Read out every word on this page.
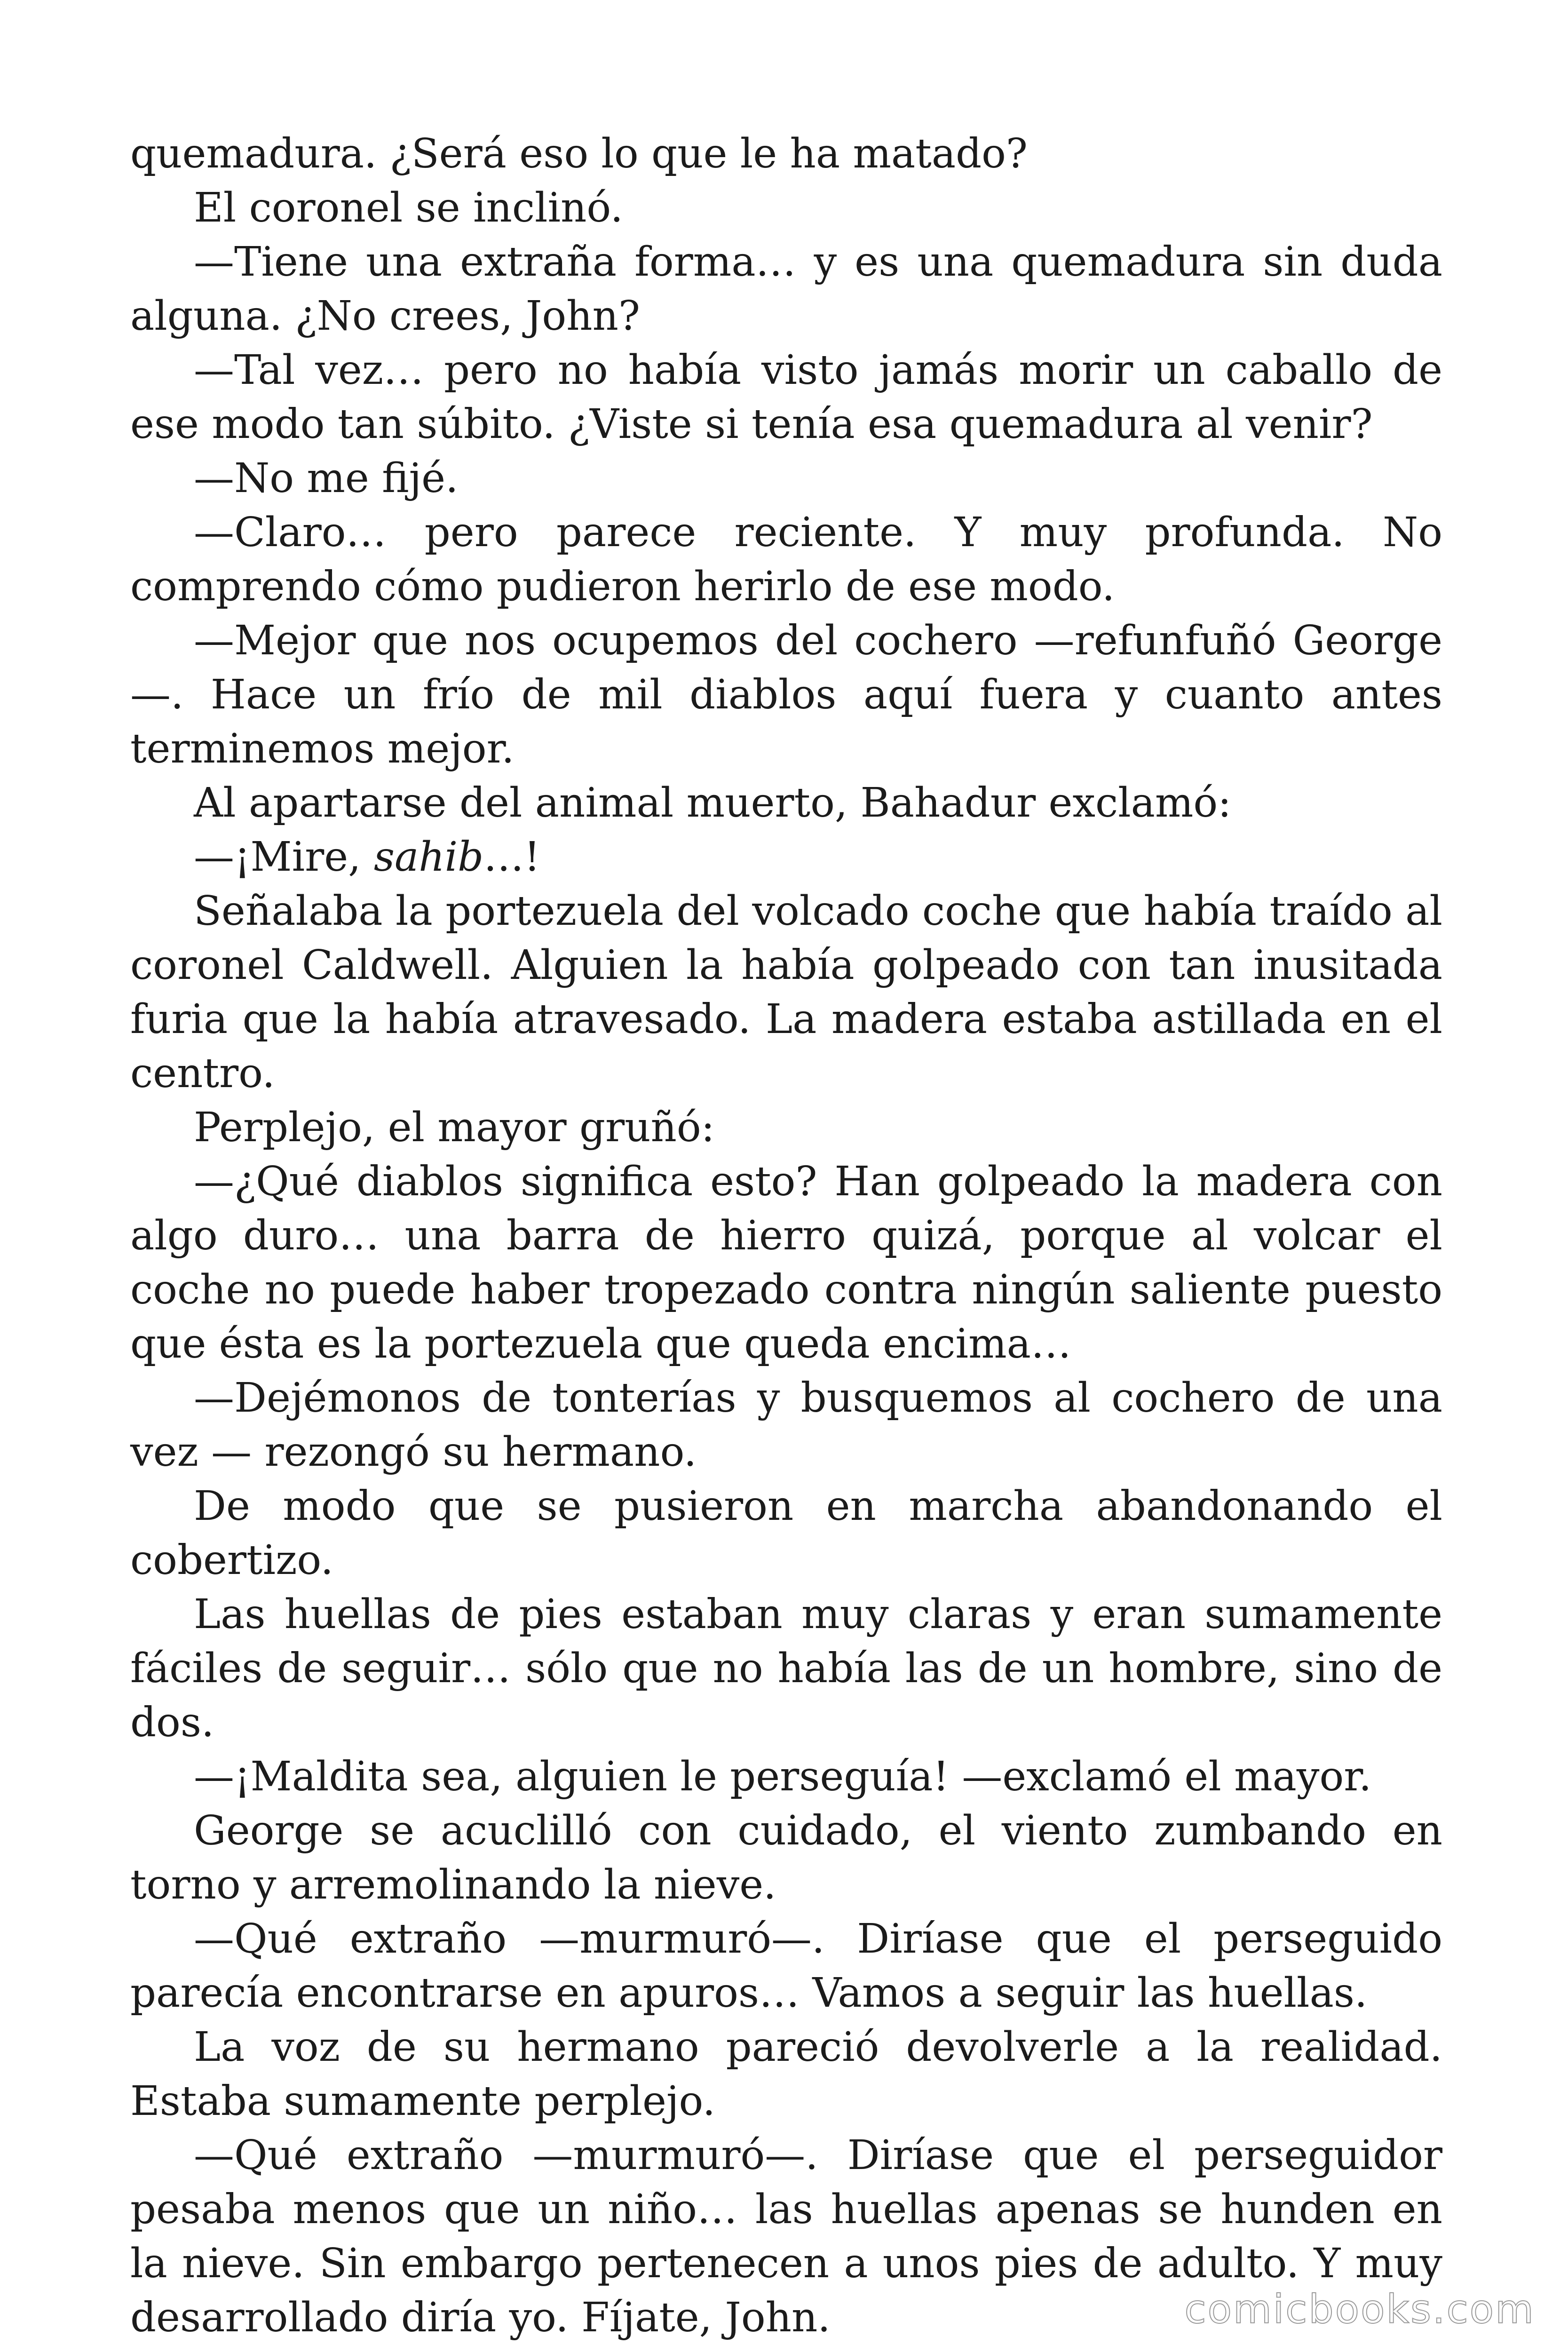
quemadura. ¿Será eso lo que le ha matado?

El coronel se inclinó.

—Tiene una extraña forma… y es una quemadura sin duda alguna. ¿No crees, John?

—Tal vez… pero no había visto jamás morir un caballo de ese modo tan súbito. ¿Viste si tenía esa quemadura al venir?

—No me fijé.

—Claro… pero parece reciente. Y muy profunda. No comprendo cómo pudieron herirlo de ese modo.

—Mejor que nos ocupemos del cochero —refunfuñó George—. Hace un frío de mil diablos aquí fuera y cuanto antes terminemos mejor.

Al apartarse del animal muerto, Bahadur exclamó:

—¡Mire, sahib…!

Señalaba la portezuela del volcado coche que había traído al coronel Caldwell. Alguien la había golpeado con tan inusitada furia que la había atravesado. La madera estaba astillada en el centro.

Perplejo, el mayor gruñó:

—¿Qué diablos significa esto? Han golpeado la madera con algo duro… una barra de hierro quizá, porque al volcar el coche no puede haber tropezado contra ningún saliente puesto que ésta es la portezuela que queda encima…

—Dejémonos de tonterías y busquemos al cochero de una vez — rezongó su hermano.

De modo que se pusieron en marcha abandonando el cobertizo.

Las huellas de pies estaban muy claras y eran sumamente fáciles de seguir… sólo que no había las de un hombre, sino de dos.

—¡Maldita sea, alguien le perseguía! —exclamó el mayor.

George se acuclilló con cuidado, el viento zumbando en torno y arremolinando la nieve.

—Qué extraño —murmuró—. Diríase que el perseguido parecía encontrarse en apuros… Vamos a seguir las huellas.

La voz de su hermano pareció devolverle a la realidad. Estaba sumamente perplejo.

—Qué extraño —murmuró—. Diríase que el perseguidor pesaba menos que un niño… las huellas apenas se hunden en la nieve. Sin embargo pertenecen a unos pies de adulto. Y muy desarrollado diría yo. Fíjate, John.	comicbooks.com
